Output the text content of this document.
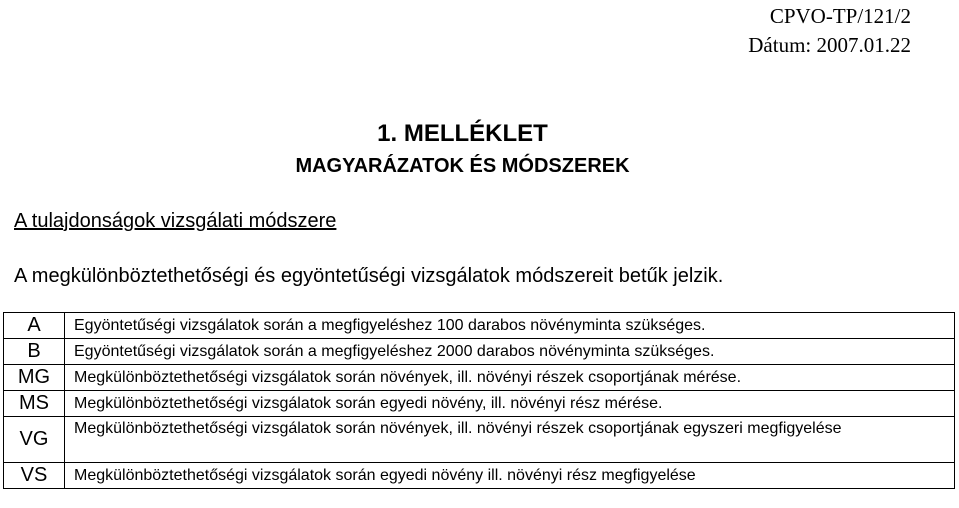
CPVO-TP/121/2
Dátum: 2007.01.22
1. MELLÉKLET
MAGYARÁZATOK ÉS MÓDSZEREK
A tulajdonságok vizsgálati módszere
A megkülönböztethetőségi és egyöntetűségi vizsgálatok módszereit betűk jelzik.
A	Egyöntetűségi vizsgálatok során a megfigyeléshez 100 darabos növényminta szükséges.
B	Egyöntetűségi vizsgálatok során a megfigyeléshez 2000 darabos növényminta szükséges.
MG	Megkülönböztethetőségi vizsgálatok során növények, ill. növényi részek csoportjának mérése.
MS	Megkülönböztethetőségi vizsgálatok során egyedi növény, ill. növényi rész mérése.
VG	Megkülönböztethetőségi vizsgálatok során növények, ill. növényi részek csoportjának egyszeri megfigyelése
VS	Megkülönböztethetőségi vizsgálatok során egyedi növény ill. növényi rész megfigyelése
